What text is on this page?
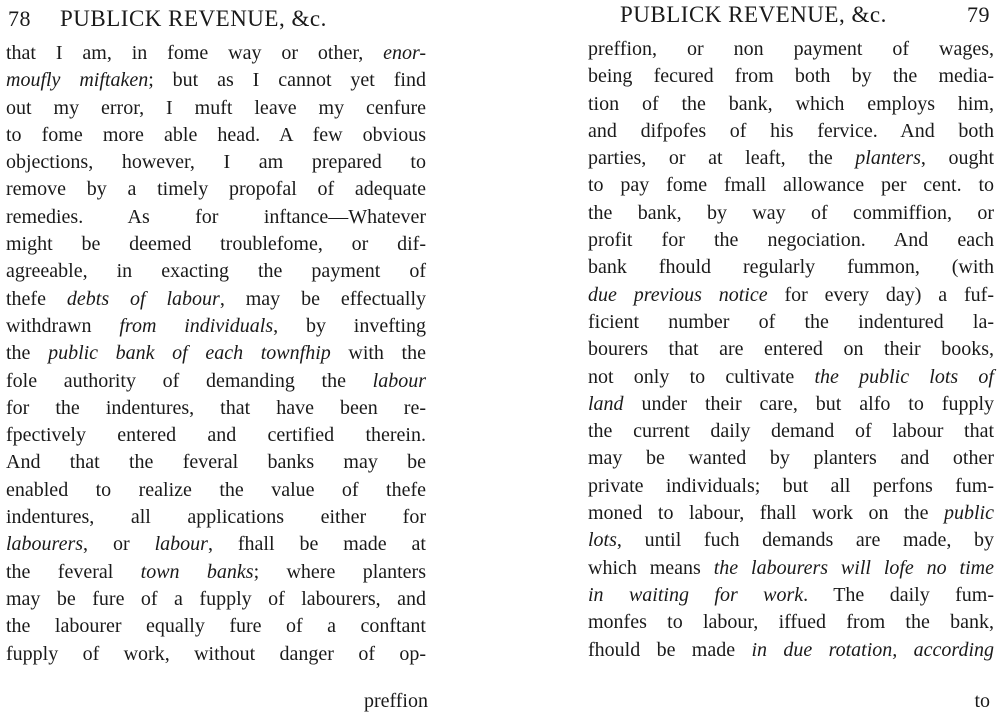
78 PUBLICK REVENUE, &c.
that I am, in fome way or other, enor-
moufly miftaken; but as I cannot yet find
out my error, I muft leave my cenfure
to fome more able head. A few obvious
objections, however, I am prepared to
remove by a timely propofal of adequate
remedies. As for inftance—Whatever
might be deemed troublefome, or dif-
agreeable, in exacting the payment of
thefe debts of labour, may be effectually
withdrawn from individuals, by invefting
the public bank of each townfhip with the
fole authority of demanding the labour
for the indentures, that have been re-
fpectively entered and certified therein.
And that the feveral banks may be
enabled to realize the value of thefe
indentures, all applications either for
labourers, or labour, fhall be made at
the feveral town banks; where planters
may be fure of a fupply of labourers, and
the labourer equally fure of a conftant
fupply of work, without danger of op-
preffion
PUBLICK REVENUE, &c.	79
preffion, or non payment of wages,
being fecured from both by the media-
tion of the bank, which employs him,
and difpofes of his fervice. And both
parties, or at leaft, the planters, ought
to pay fome fmall allowance per cent. to
the bank, by way of commiffion, or
profit for the negociation. And each
bank fhould regularly fummon, (with
due previous notice for every day) a fuf-
ficient number of the indentured la-
bourers that are entered on their books,
not only to cultivate the public lots of
land under their care, but alfo to fupply
the current daily demand of labour that
may be wanted by planters and other
private individuals; but all perfons fum-
moned to labour, fhall work on the public
lots, until fuch demands are made, by
which means the labourers will lofe no time
in waiting for work. The daily fum-
monfes to labour, iffued from the bank,
fhould be made in due rotation, according
to
